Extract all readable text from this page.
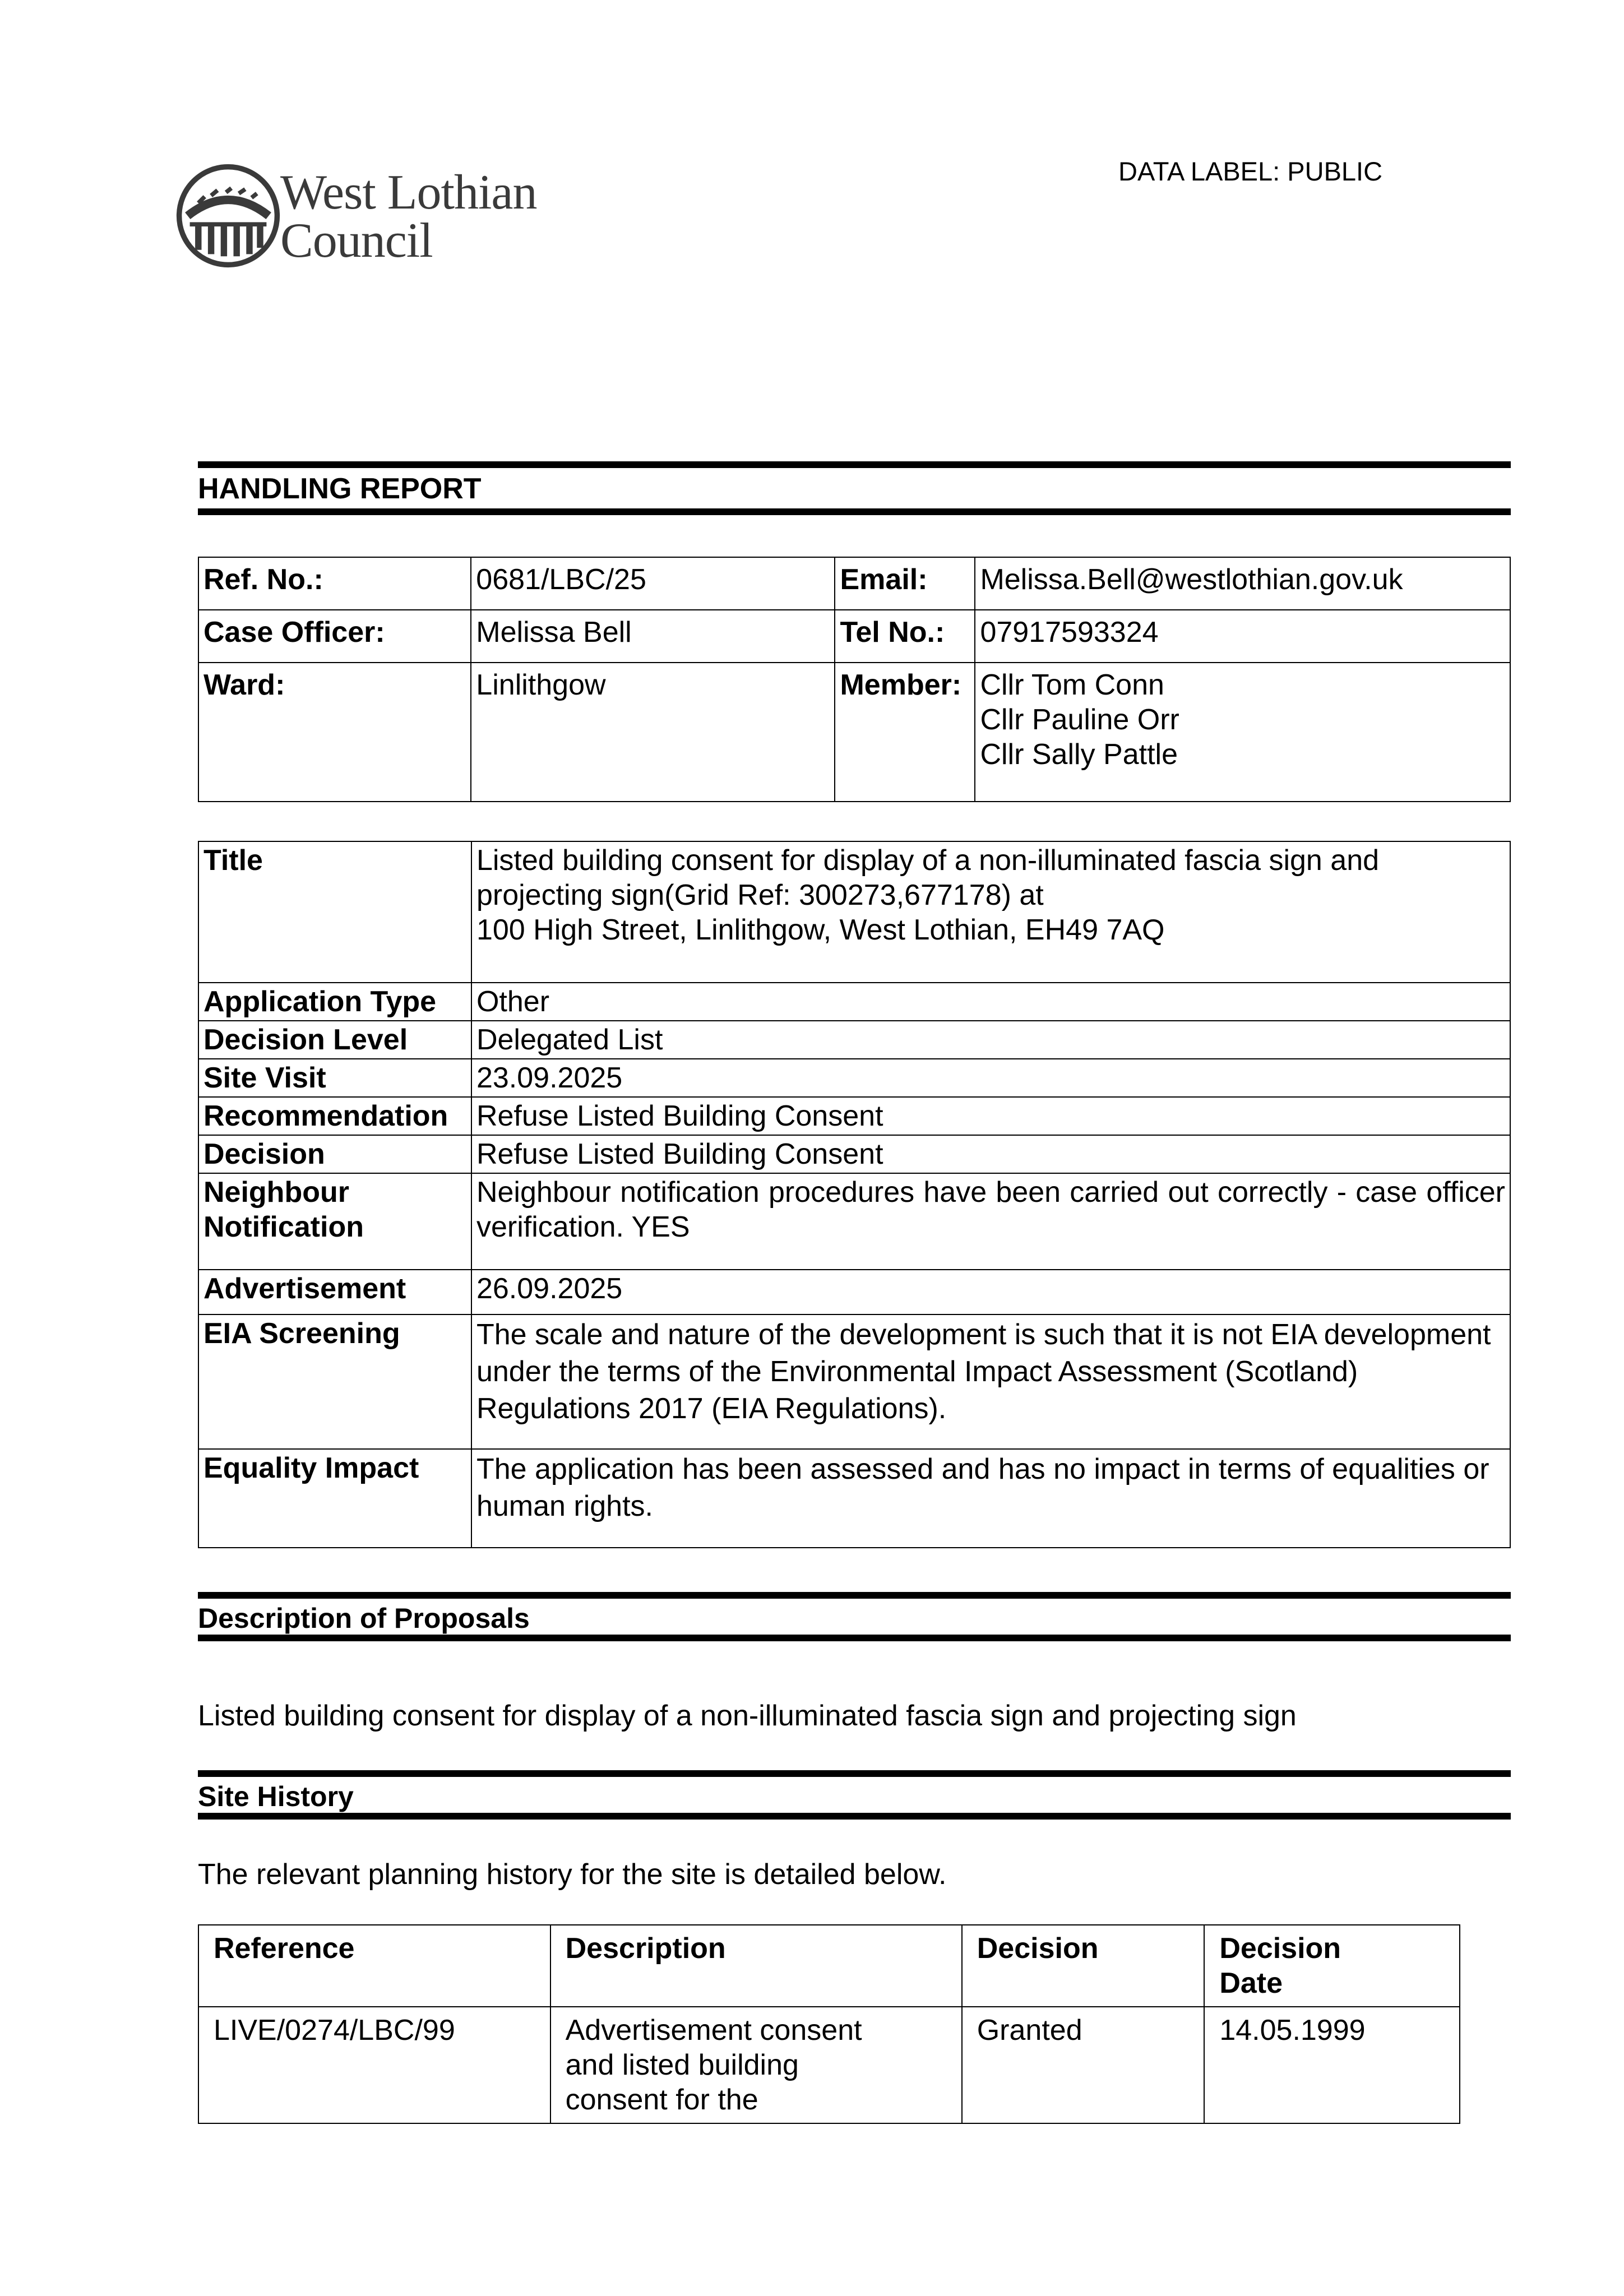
West Lothian
Council
DATA LABEL: PUBLIC
HANDLING REPORT
Ref. No.:	0681/LBC/25	Email:	Melissa.Bell@westlothian.gov.uk
Case Officer:	Melissa Bell	Tel No.:	07917593324
Ward:	Linlithgow	Member:	Cllr Tom Conn
Cllr Pauline Orr
Cllr Sally Pattle
Title	Listed building consent for display of a non-illuminated fascia sign and
projecting sign(Grid Ref: 300273,677178) at
100 High Street, Linlithgow, West Lothian, EH49 7AQ

Application Type	Other
Decision Level	Delegated List
Site Visit	23.09.2025
Recommendation	Refuse Listed Building Consent
Decision	Refuse Listed Building Consent

Neighbour
Notification	Neighbour notification procedures have been carried out correctly - case officer verification. YES
Advertisement	26.09.2025
EIA Screening	The scale and nature of the development is such that it is not EIA development under the terms of the Environmental Impact Assessment (Scotland) Regulations 2017 (EIA Regulations).
Equality Impact	The application has been assessed and has no impact in terms of equalities or human rights.
Description of Proposals
Listed building consent for display of a non-illuminated fascia sign and projecting sign
Site History
The relevant planning history for the site is detailed below.
Reference	Description	Decision	Decision
Date

LIVE/0274/LBC/99	Advertisement consent
and listed building
consent for the	Granted	14.05.1999
